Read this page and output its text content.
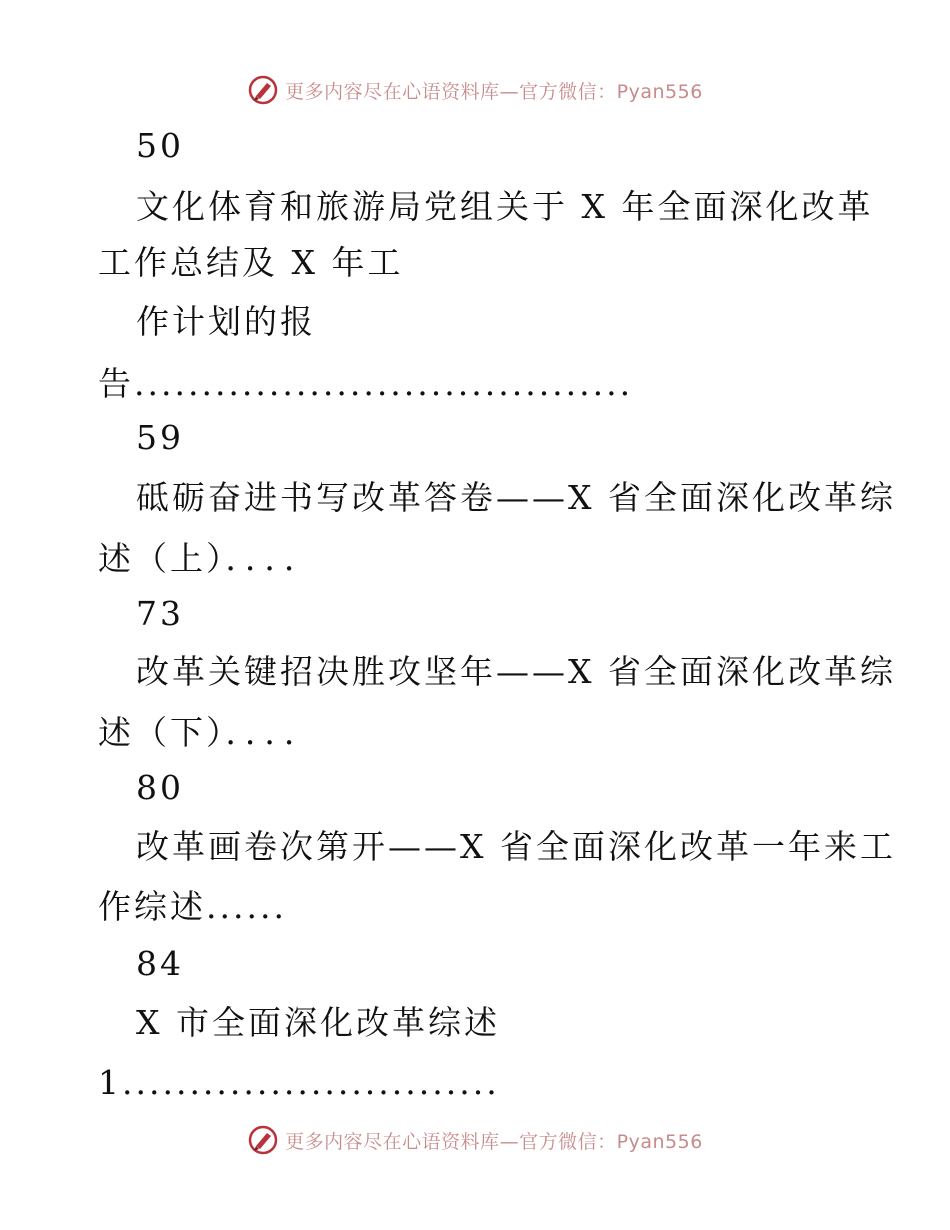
更多内容尽在心语资料库—官方微信：Pyan556
50
文化体育和旅游局党组关于 X 年全面深化改革
工作总结及 X 年工
作计划的报
告.....................................
59
砥砺奋进书写改革答卷——X 省全面深化改革综
述（上）．．．．
73
改革关键招决胜攻坚年——X 省全面深化改革综
述（下）．．．．
80
改革画卷次第开——X 省全面深化改革一年来工
作综述......
84
X 市全面深化改革综述
1............................
更多内容尽在心语资料库—官方微信：Pyan556
